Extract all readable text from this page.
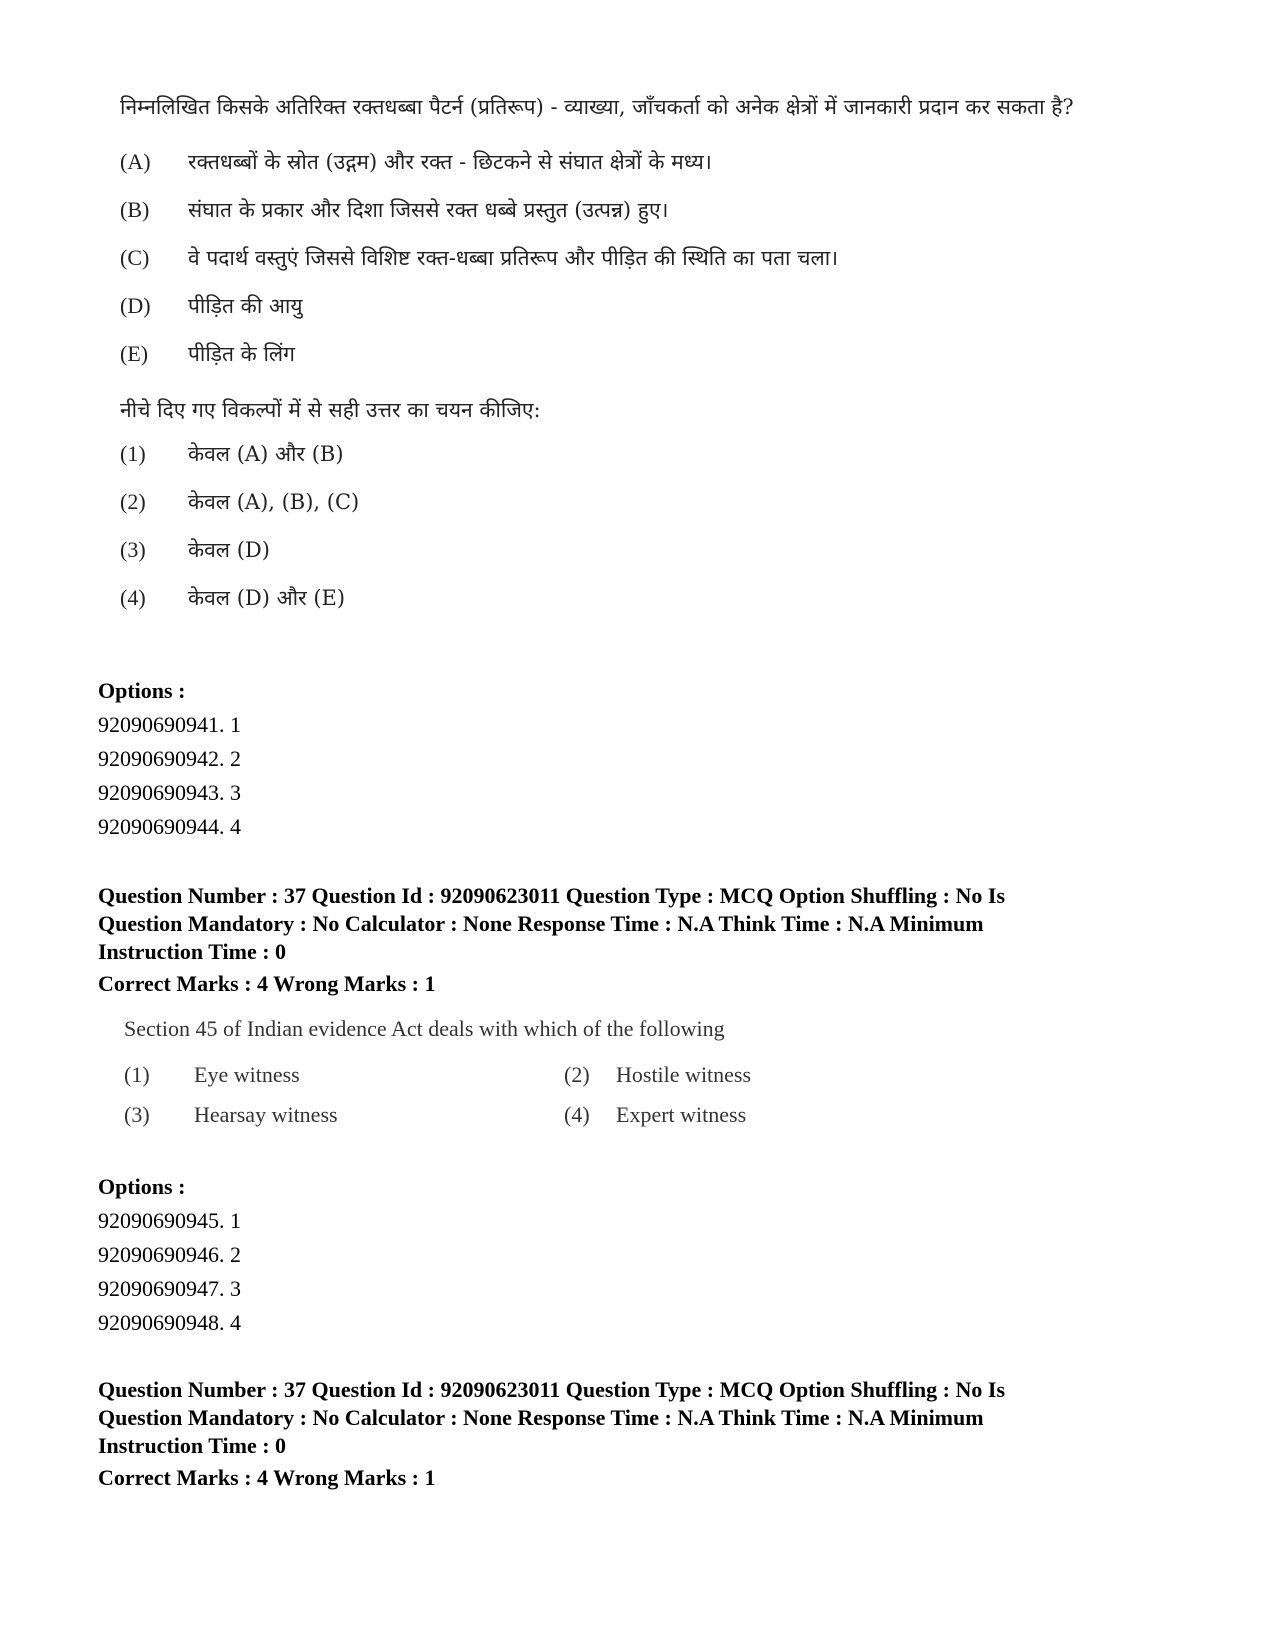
निम्नलिखित किसके अतिरिक्त रक्तधब्बा पैटर्न (प्रतिरूप) - व्याख्या, जाँचकर्ता को अनेक क्षेत्रों में जानकारी प्रदान कर सकता है?

(A)	रक्तधब्बों के स्रोत (उद्गम) और रक्त - छिटकने से संघात क्षेत्रों के मध्य।
(B)	संघात के प्रकार और दिशा जिससे रक्त धब्बे प्रस्तुत (उत्पन्न) हुए।
(C)	वे पदार्थ वस्तुएं जिससे विशिष्ट रक्त-धब्बा प्रतिरूप और पीड़ित की स्थिति का पता चला।
(D)	पीड़ित की आयु
(E)	पीड़ित के लिंग
नीचे दिए गए विकल्पों में से सही उत्तर का चयन कीजिए:
(1)	केवल (A) और (B)
(2)	केवल (A), (B), (C)
(3)	केवल (D)
(4)	केवल (D) और (E)
Options :
92090690941. 1
92090690942. 2
92090690943. 3
92090690944. 4
Question Number : 37 Question Id : 92090623011 Question Type : MCQ Option Shuffling : No Is
Question Mandatory : No Calculator : None Response Time : N.A Think Time : N.A Minimum
Instruction Time : 0
Correct Marks : 4 Wrong Marks : 1
Section 45 of Indian evidence Act deals with which of the following
(1) Eye witness	(2) Hostile witness
(3) Hearsay witness	(4) Expert witness
Options :
92090690945. 1
92090690946. 2
92090690947. 3
92090690948. 4
Question Number : 37 Question Id : 92090623011 Question Type : MCQ Option Shuffling : No Is
Question Mandatory : No Calculator : None Response Time : N.A Think Time : N.A Minimum
Instruction Time : 0
Correct Marks : 4 Wrong Marks : 1
